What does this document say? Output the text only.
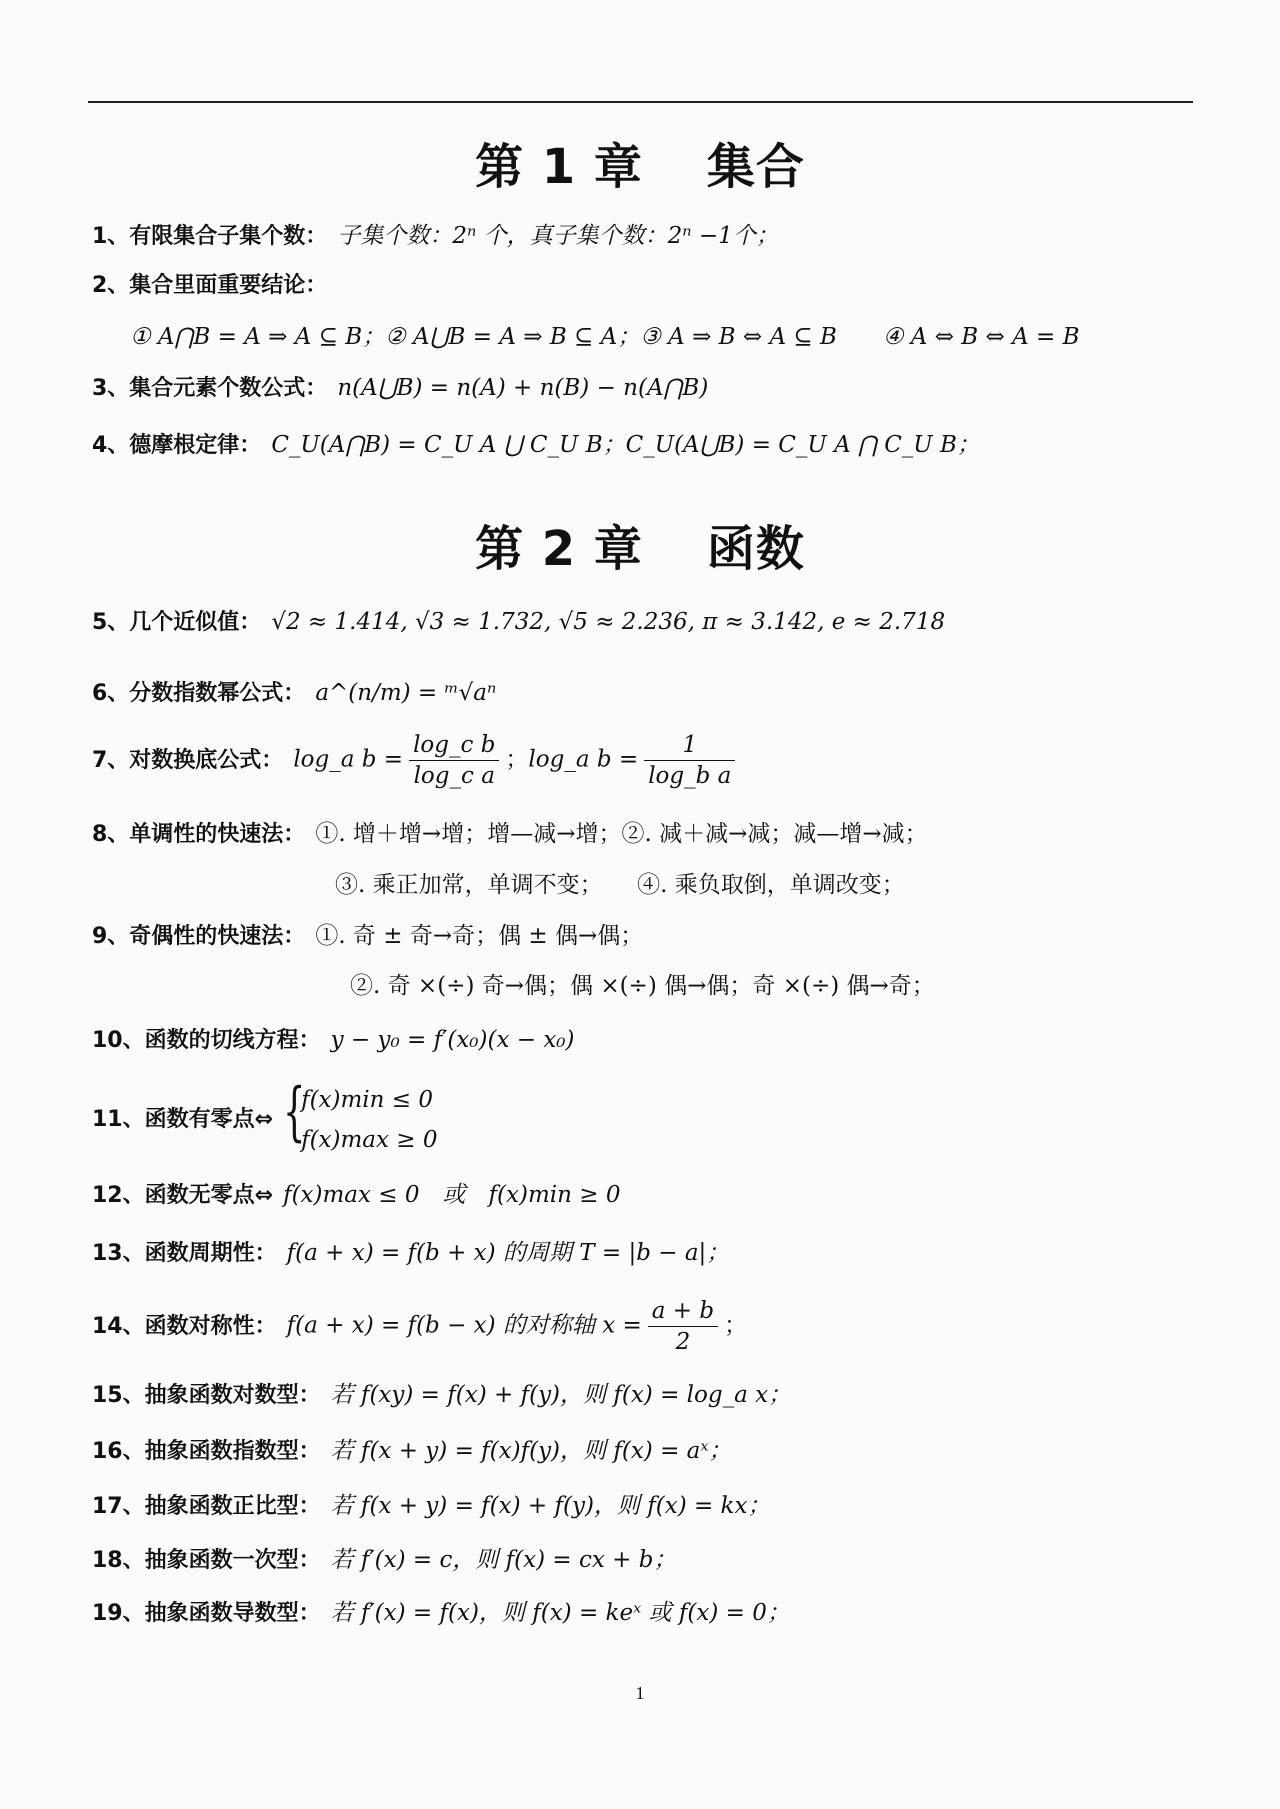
第 1 章 集合
1、有限集合子集个数： 子集个数：2ⁿ 个，真子集个数：2ⁿ −1个；
2、集合里面重要结论：
① A⋂B = A ⇒ A ⊆ B；② A⋃B = A ⇒ B ⊆ A；③ A ⇒ B ⇔ A ⊆ B　　④ A ⇔ B ⇔ A = B
3、集合元素个数公式： n(A⋃B) = n(A) + n(B) − n(A⋂B)
4、德摩根定律： C_U(A⋂B) = C_U A ⋃ C_U B；C_U(A⋃B) = C_U A ⋂ C_U B；
第 2 章 函数
5、几个近似值： √2 ≈ 1.414, √3 ≈ 1.732, √5 ≈ 2.236, π ≈ 3.142, e ≈ 2.718
6、分数指数幂公式： a^(n/m) = ᵐ√aⁿ
7、对数换底公式： log_a $b = \frac{\text{log\_c b}}{\text{log\_c a}}$ ；log_a $b = \frac{1}{\text{log\_b a}}$
8、单调性的快速法： ①. 增＋增→增；增—减→增；②. 减＋减→减；减—增→减；
③. 乘正加常，单调不变；　　④. 乘负取倒，单调改变；
9、奇偶性的快速法： ①. 奇 ± 奇→奇；偶 ± 偶→偶；
②. 奇 ×(÷) 奇→偶；偶 ×(÷) 偶→偶；奇 ×(÷) 偶→奇；
10、函数的切线方程： y − y₀ = f′(x₀)(x − x₀)
11、函数有零点⇔ {
f(x)min ≤ 0
f(x)max ≥ 0
12、函数无零点⇔ f(x)max ≤ 0　或　f(x)min ≥ 0
13、函数周期性： f(a + x) = f(b + x) 的周期 T = |b − a|；
14、函数对称性： f(a + x) = f(b − x) 的对称轴 $x = \frac{a + b}{2}$ ；
15、抽象函数对数型： 若 f(xy) = f(x) + f(y)，则 f(x) = log_a x；
16、抽象函数指数型： 若 f(x + y) = f(x)f(y)，则 f(x) = aˣ；
17、抽象函数正比型： 若 f(x + y) = f(x) + f(y)，则 f(x) = kx；
18、抽象函数一次型： 若 f′(x) = c，则 f(x) = cx + b；
19、抽象函数导数型： 若 f′(x) = f(x)，则 f(x) = keˣ 或 f(x) = 0；
1
